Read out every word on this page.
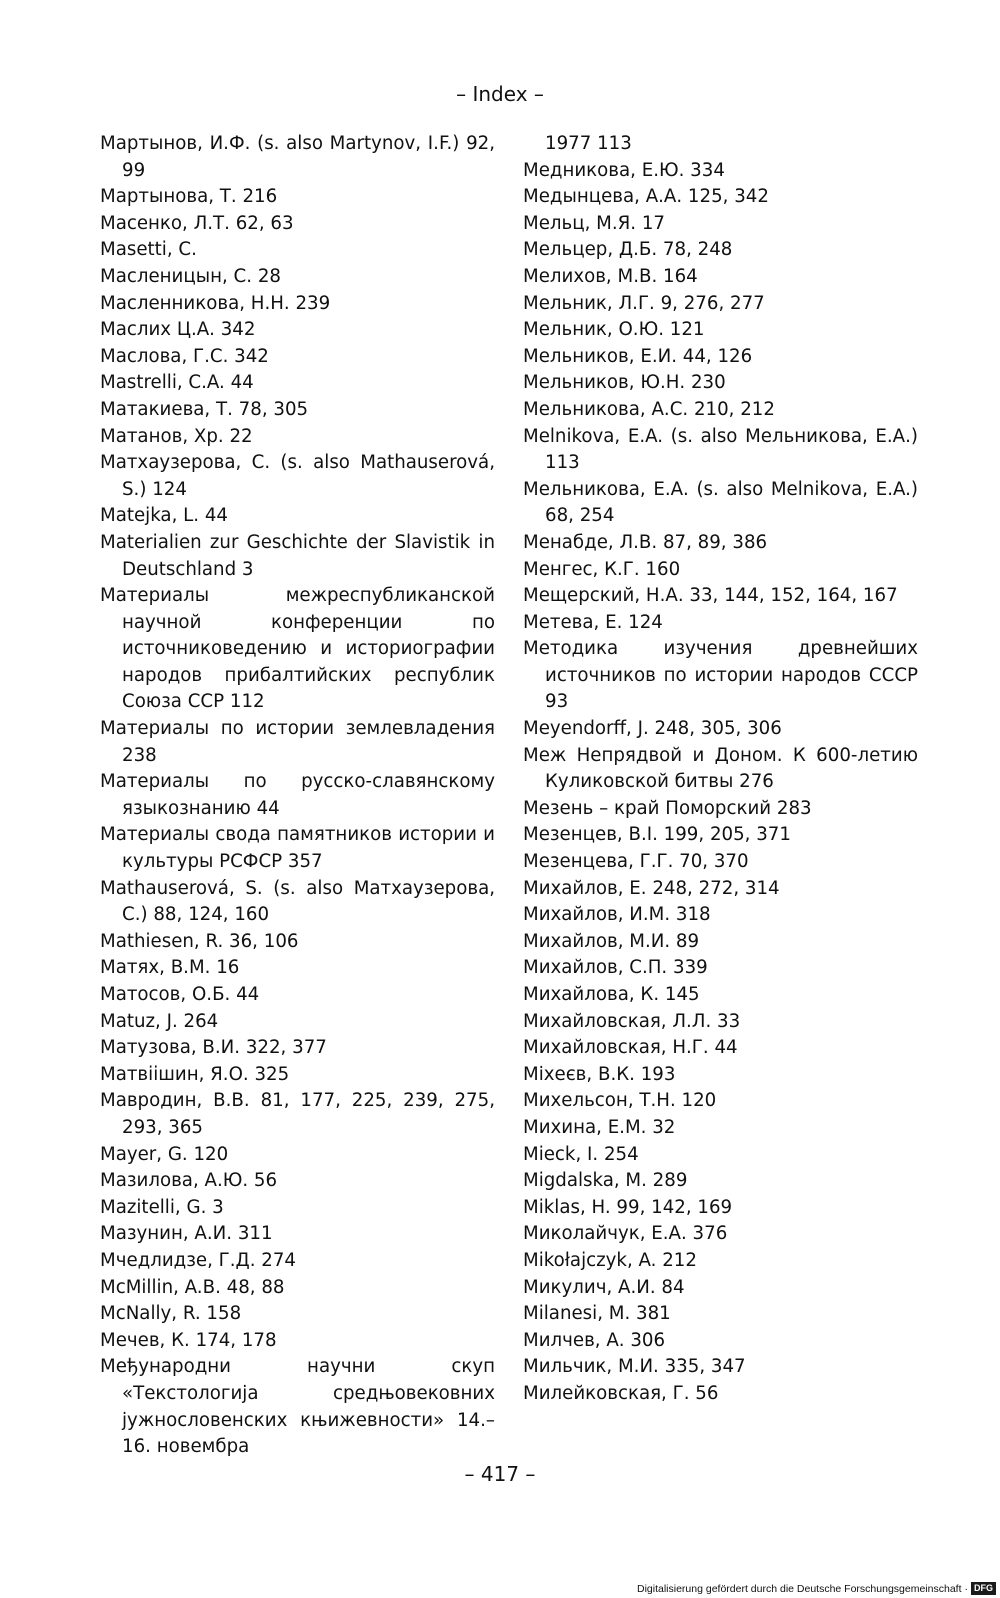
– Index –
Мартынов, И.Ф. (s. also Martynov, I.F.) 92, 99
Мартынова, Т. 216
Масенко, Л.Т. 62, 63
Masetti, C.
Масленицын, С. 28
Масленникова, Н.Н. 239
Маслих Ц.А. 342
Маслова, Г.С. 342
Mastrelli, C.A. 44
Матакиева, Т. 78, 305
Матанов, Хр. 22
Матхаузерова, С. (s. also Mathauserová, S.) 124
Matejka, L. 44
Materialien zur Geschichte der Slavistik in Deutschland 3
Материалы межреспубликанской научной конференции по источниковедению и историографии народов прибалтийских республик Союза ССР 112
Материалы по истории землевладения 238
Материалы по русско-славянскому языкознанию 44
Материалы свода памятников истории и культуры РСФСР 357
Mathauserová, S. (s. also Матхаузерова, С.) 88, 124, 160
Mathiesen, R. 36, 106
Матях, В.М. 16
Матосов, О.Б. 44
Matuz, J. 264
Матузова, В.И. 322, 377
Матвiiшин, Я.О. 325
Мавродин, В.В. 81, 177, 225, 239, 275, 293, 365
Mayer, G. 120
Мазилова, А.Ю. 56
Mazitelli, G. 3
Мазунин, А.И. 311
Мчедлидзе, Г.Д. 274
McMillin, A.B. 48, 88
McNally, R. 158
Мечев, К. 174, 178
Међународни научни скуп «Текстологија средњовековних јужнословенских књижевности» 14.–16. новембра
1977 113
Медникова, Е.Ю. 334
Медынцева, А.А. 125, 342
Мельц, М.Я. 17
Мельцер, Д.Б. 78, 248
Мелихов, М.В. 164
Мельник, Л.Г. 9, 276, 277
Мельник, О.Ю. 121
Мельников, Е.И. 44, 126
Мельников, Ю.Н. 230
Мельникова, А.С. 210, 212
Melnikova, E.A. (s. also Мельникова, Е.А.) 113
Мельникова, Е.А. (s. also Melnikova, E.A.) 68, 254
Менабде, Л.В. 87, 89, 386
Менгес, К.Г. 160
Мещерский, Н.А. 33, 144, 152, 164, 167
Метева, Е. 124
Методика изучения древнейших источников по истории народов СССР 93
Meyendorff, J. 248, 305, 306
Меж Непрядвой и Доном. К 600-летию Куликовской битвы 276
Мезень – край Поморский 283
Мезенцев, В.I. 199, 205, 371
Мезенцева, Г.Г. 70, 370
Михайлов, Е. 248, 272, 314
Михайлов, И.М. 318
Михайлов, М.И. 89
Михайлов, С.П. 339
Михайлова, К. 145
Михайловская, Л.Л. 33
Михайловская, Н.Г. 44
Міхеєв, В.К. 193
Михельсон, Т.Н. 120
Михина, Е.М. 32
Mieck, I. 254
Migdalska, M. 289
Miklas, H. 99, 142, 169
Миколайчук, Е.А. 376
Mikołajczyk, A. 212
Микулич, А.И. 84
Milanesi, M. 381
Милчев, А. 306
Мильчик, М.И. 335, 347
Милейковская, Г. 56
– 417 –
Digitalisierung gefördert durch die Deutsche Forschungsgemeinschaft · DFG
